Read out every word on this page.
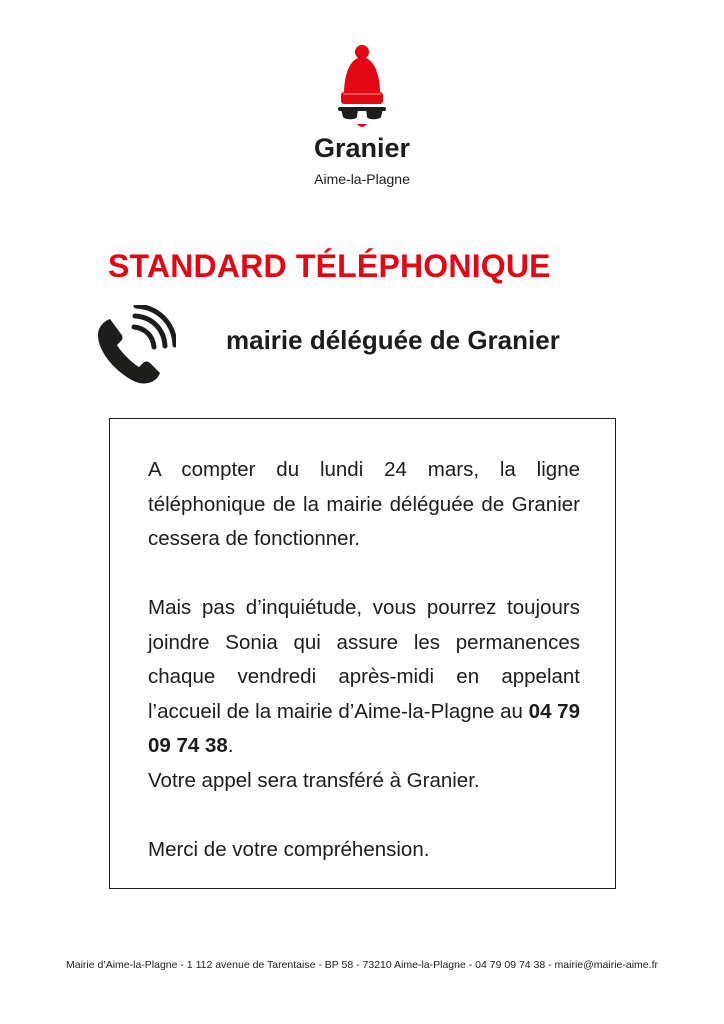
Granier
Aime-la-Plagne
STANDARD TÉLÉPHONIQUE
mairie déléguée de Granier

A compter du lundi 24 mars, la ligne téléphonique de la mairie déléguée de Granier cessera de fonctionner.

Mais pas d’inquiétude, vous pourrez toujours joindre Sonia qui assure les permanences chaque vendredi après-midi en appelant l’accueil de la mairie d’Aime-la-Plagne au 04 79 09 74 38.

Votre appel sera transféré à Granier.

Merci de votre compréhension.

Mairie d’Aime-la-Plagne - 1 112 avenue de Tarentaise - BP 58 - 73210 Aime-la-Plagne - 04 79 09 74 38 - mairie@mairie-aime.fr
